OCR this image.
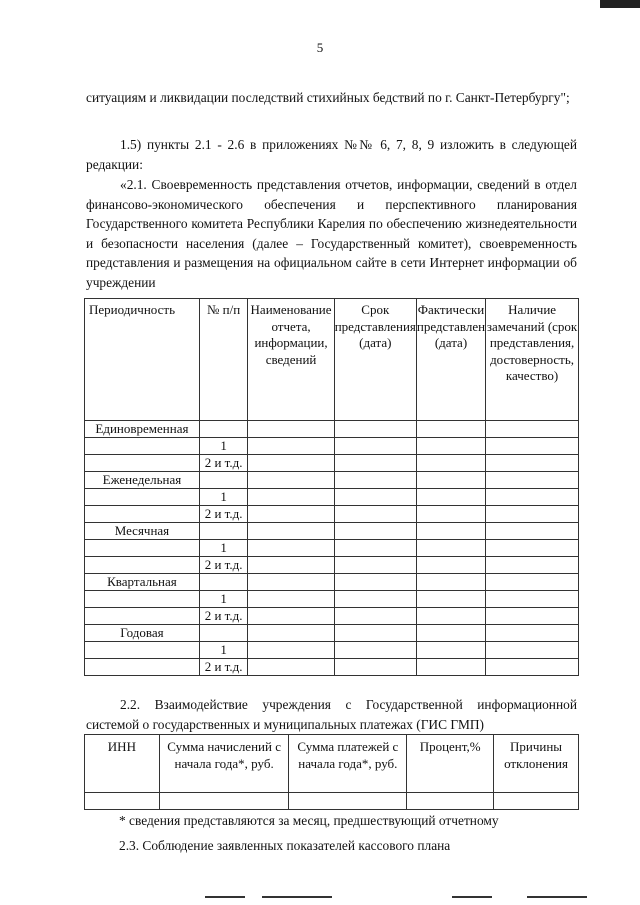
5
ситуациям и ликвидации последствий стихийных бедствий по г. Санкт-Петербургу";
1.5) пункты 2.1 - 2.6 в приложениях №№ 6, 7, 8, 9 изложить в следующей редакции:
«2.1. Своевременность представления отчетов, информации, сведений в отдел финансово-экономического обеспечения и перспективного планирования Государственного комитета Республики Карелия по обеспечению жизнедеятельности и безопасности населения (далее – Государственный комитет), своевременность представления и размещения на официальном сайте в сети Интернет информации об учреждении
Периодичность	№ п/п	Наименование отчета, информации, сведений	Срок представления (дата)	Фактически представлен (дата)	Наличие замечаний (срок представления, достоверность, качество)
Единовременная					
	1				
	2 и т.д.				
Еженедельная					
	1				
	2 и т.д.				
Месячная					
	1				
	2 и т.д.				
Квартальная					
	1				
	2 и т.д.				
Годовая					
	1				
	2 и т.д.				
2.2. Взаимодействие учреждения с Государственной информационной системой о государственных и муниципальных платежах (ГИС ГМП)
ИНН	Сумма начислений с начала года*, руб.	Сумма платежей с начала года*, руб.	Процент,%	Причины отклонения

* сведения представляются за месяц, предшествующий отчетному
2.3. Соблюдение заявленных показателей кассового плана
